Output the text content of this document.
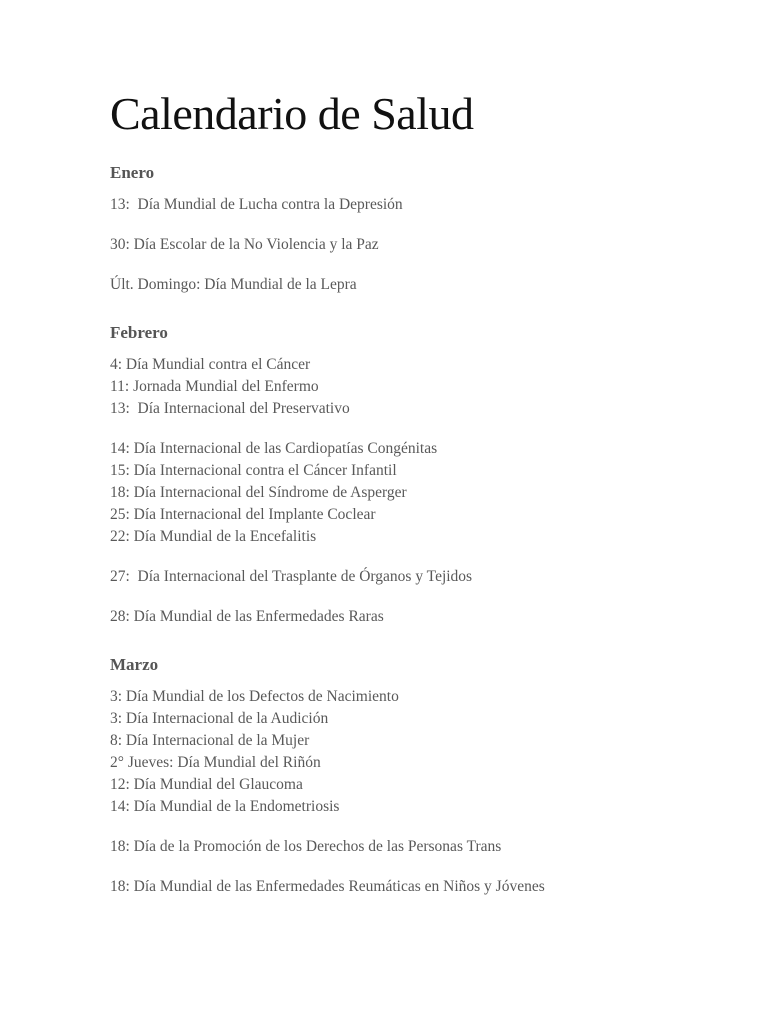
Calendario de Salud
Enero
13:  Día Mundial de Lucha contra la Depresión
30: Día Escolar de la No Violencia y la Paz
Últ. Domingo: Día Mundial de la Lepra
Febrero
4: Día Mundial contra el Cáncer
11: Jornada Mundial del Enfermo
13:  Día Internacional del Preservativo
14: Día Internacional de las Cardiopatías Congénitas
15: Día Internacional contra el Cáncer Infantil
18: Día Internacional del Síndrome de Asperger
25: Día Internacional del Implante Coclear
22: Día Mundial de la Encefalitis
27:  Día Internacional del Trasplante de Órganos y Tejidos
28: Día Mundial de las Enfermedades Raras
Marzo
3: Día Mundial de los Defectos de Nacimiento
3: Día Internacional de la Audición
8: Día Internacional de la Mujer
2° Jueves: Día Mundial del Riñón
12: Día Mundial del Glaucoma
14: Día Mundial de la Endometriosis
18: Día de la Promoción de los Derechos de las Personas Trans
18: Día Mundial de las Enfermedades Reumáticas en Niños y Jóvenes
